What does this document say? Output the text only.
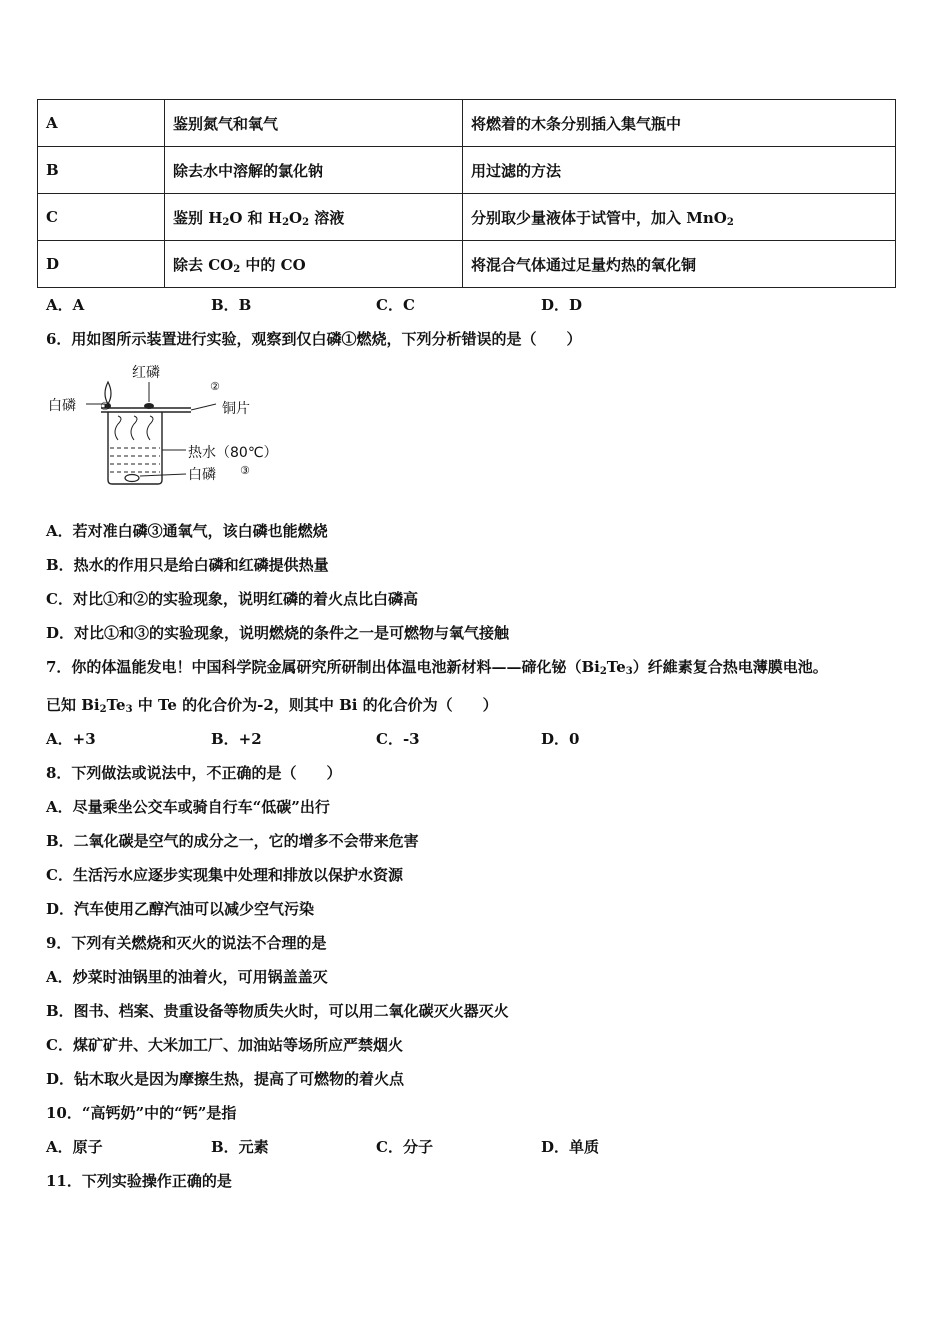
A	鉴别氮气和氧气	将燃着的木条分别插入集气瓶中
B	除去水中溶解的氯化钠	用过滤的方法
C	鉴别 $H_2O$ 和 $H_2O_2$ 溶液	分别取少量液体于试管中，加入 MnO$_2$
D	除去 $CO_2$ 中的 CO	将混合气体通过足量灼热的氧化铜
A．A	B．B	C．C	D．D
6．用如图所示装置进行实验，观察到仅白磷①燃烧，下列分析错误的是（　　）
红磷
白磷 ①
②
铜片
热水（80℃）
白磷 ③
A．若对准白磷③通氧气，该白磷也能燃烧
B．热水的作用只是给白磷和红磷提供热量
C．对比①和②的实验现象，说明红磷的着火点比白磷高
D．对比①和③的实验现象，说明燃烧的条件之一是可燃物与氧气接触
7．你的体温能发电！中国科学院金属研究所研制出体温电池新材料——碲化铋$(Bi_2Te_3)$纤維素复合热电薄膜电池。
已知 $Bi_2Te_3$ 中 Te 的化合价为-2，则其中 Bi 的化合价为（　　）
A．+3	B．+2	C．-3	D．0
8．下列做法或说法中，不正确的是（　　）
A．尽量乘坐公交车或骑自行车“低碳”出行
B．二氧化碳是空气的成分之一，它的增多不会带来危害
C．生活污水应逐步实现集中处理和排放以保护水资源
D．汽车使用乙醇汽油可以减少空气污染
9．下列有关燃烧和灭火的说法不合理的是
A．炒菜时油锅里的油着火，可用锅盖盖灭
B．图书、档案、贵重设备等物质失火时，可以用二氧化碳灭火器灭火
C．煤矿矿井、大米加工厂、加油站等场所应严禁烟火
D．钻木取火是因为摩擦生热，提高了可燃物的着火点
10．“高钙奶”中的“钙”是指
A．原子	B．元素	C．分子	D．单质
11．下列实验操作正确的是
